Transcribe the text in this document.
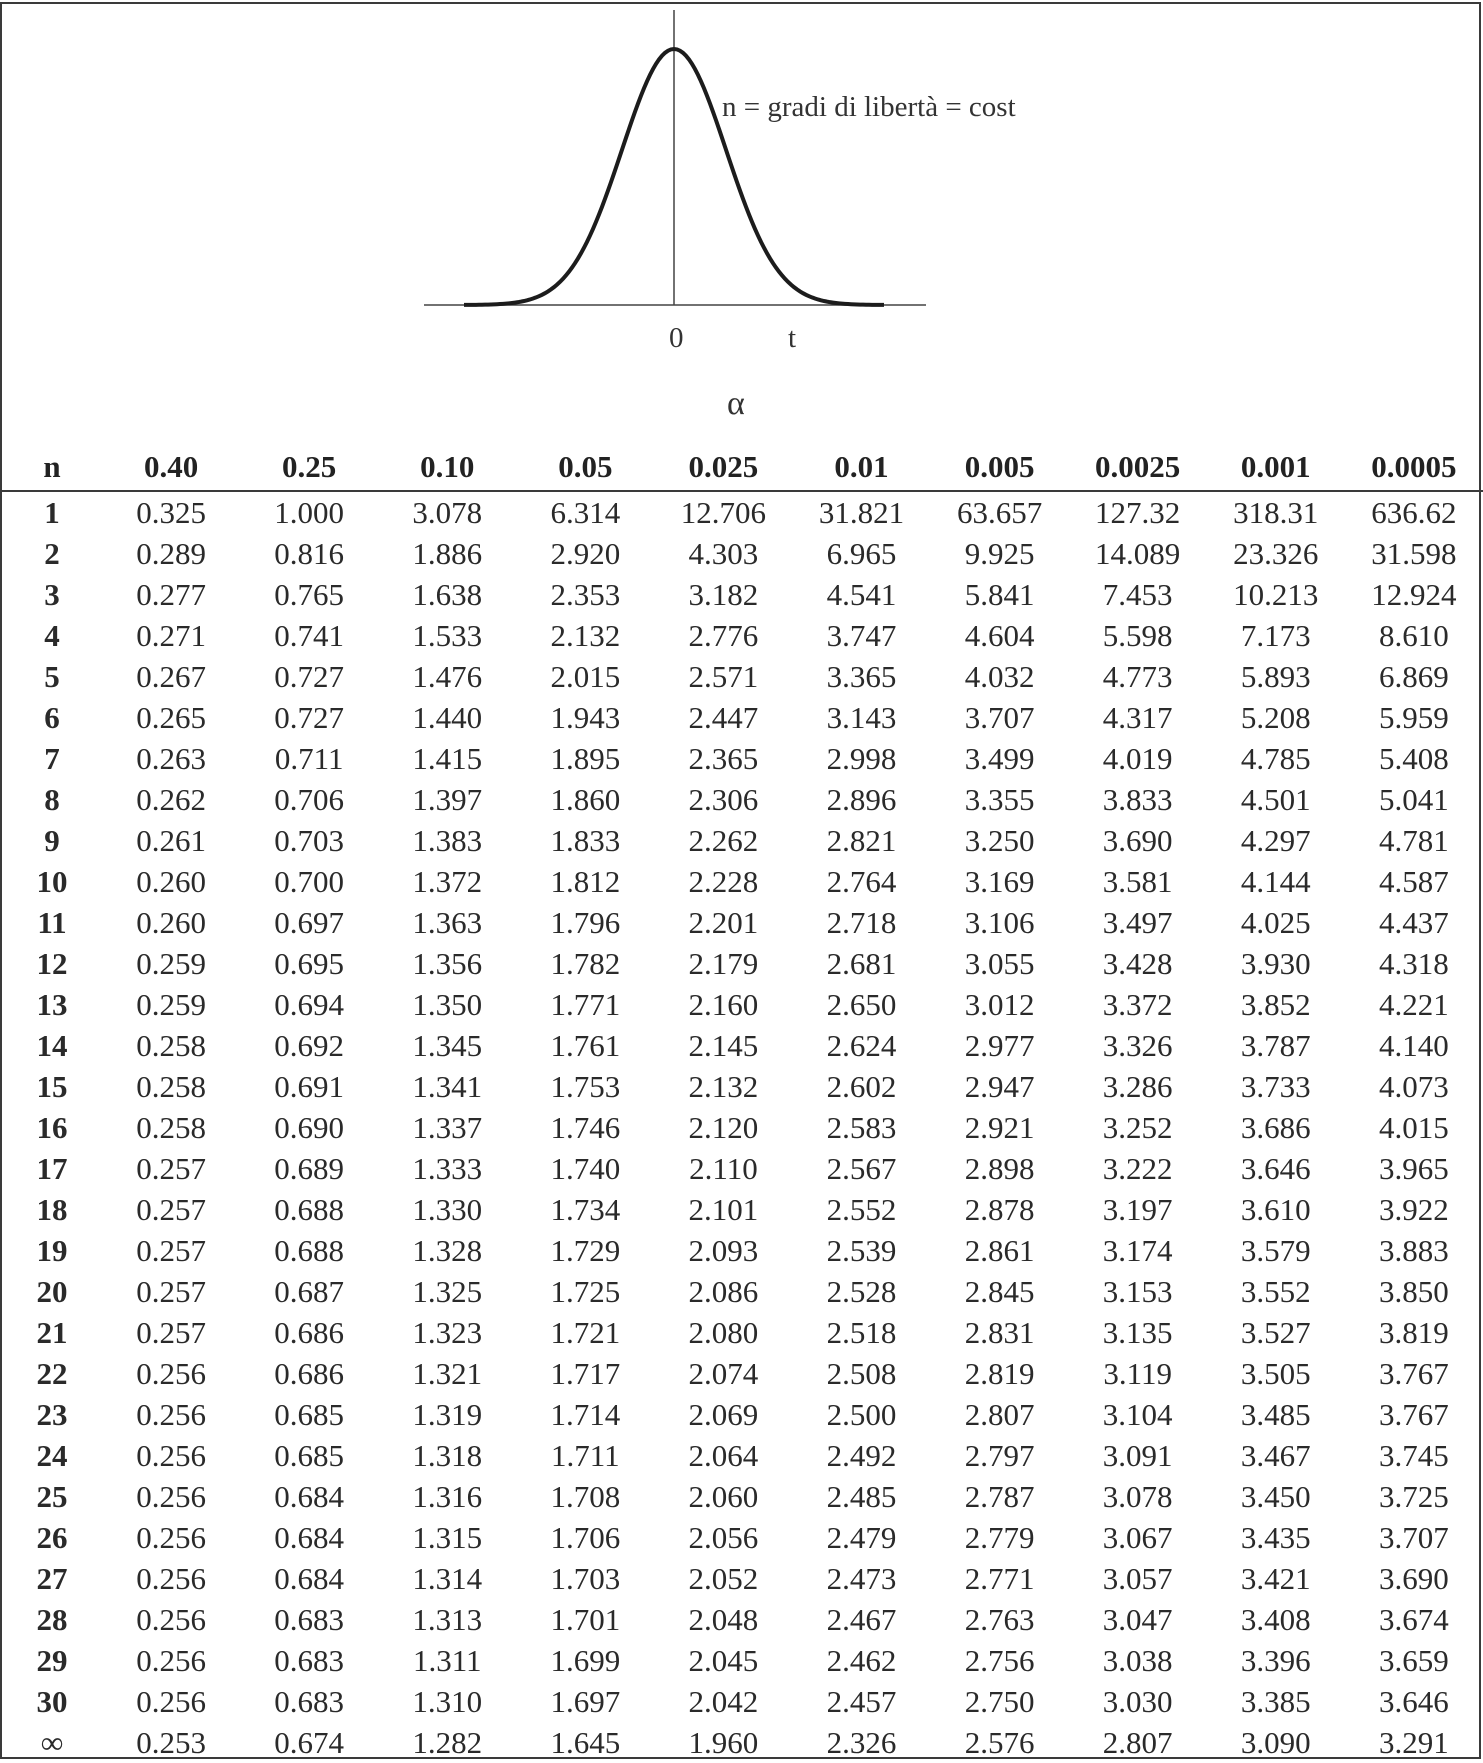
n = gradi di libertà = cost
0	t
α
n	0.40	0.25	0.10	0.05	0.025	0.01	0.005	0.0025	0.001	0.0005
1	0.325	1.000	3.078	6.314	12.706	31.821	63.657	127.32	318.31	636.62
2	0.289	0.816	1.886	2.920	4.303	6.965	9.925	14.089	23.326	31.598
3	0.277	0.765	1.638	2.353	3.182	4.541	5.841	7.453	10.213	12.924
4	0.271	0.741	1.533	2.132	2.776	3.747	4.604	5.598	7.173	8.610
5	0.267	0.727	1.476	2.015	2.571	3.365	4.032	4.773	5.893	6.869
6	0.265	0.727	1.440	1.943	2.447	3.143	3.707	4.317	5.208	5.959
7	0.263	0.711	1.415	1.895	2.365	2.998	3.499	4.019	4.785	5.408
8	0.262	0.706	1.397	1.860	2.306	2.896	3.355	3.833	4.501	5.041
9	0.261	0.703	1.383	1.833	2.262	2.821	3.250	3.690	4.297	4.781
10	0.260	0.700	1.372	1.812	2.228	2.764	3.169	3.581	4.144	4.587
11	0.260	0.697	1.363	1.796	2.201	2.718	3.106	3.497	4.025	4.437
12	0.259	0.695	1.356	1.782	2.179	2.681	3.055	3.428	3.930	4.318
13	0.259	0.694	1.350	1.771	2.160	2.650	3.012	3.372	3.852	4.221
14	0.258	0.692	1.345	1.761	2.145	2.624	2.977	3.326	3.787	4.140
15	0.258	0.691	1.341	1.753	2.132	2.602	2.947	3.286	3.733	4.073
16	0.258	0.690	1.337	1.746	2.120	2.583	2.921	3.252	3.686	4.015
17	0.257	0.689	1.333	1.740	2.110	2.567	2.898	3.222	3.646	3.965
18	0.257	0.688	1.330	1.734	2.101	2.552	2.878	3.197	3.610	3.922
19	0.257	0.688	1.328	1.729	2.093	2.539	2.861	3.174	3.579	3.883
20	0.257	0.687	1.325	1.725	2.086	2.528	2.845	3.153	3.552	3.850
21	0.257	0.686	1.323	1.721	2.080	2.518	2.831	3.135	3.527	3.819
22	0.256	0.686	1.321	1.717	2.074	2.508	2.819	3.119	3.505	3.767
23	0.256	0.685	1.319	1.714	2.069	2.500	2.807	3.104	3.485	3.767
24	0.256	0.685	1.318	1.711	2.064	2.492	2.797	3.091	3.467	3.745
25	0.256	0.684	1.316	1.708	2.060	2.485	2.787	3.078	3.450	3.725
26	0.256	0.684	1.315	1.706	2.056	2.479	2.779	3.067	3.435	3.707
27	0.256	0.684	1.314	1.703	2.052	2.473	2.771	3.057	3.421	3.690
28	0.256	0.683	1.313	1.701	2.048	2.467	2.763	3.047	3.408	3.674
29	0.256	0.683	1.311	1.699	2.045	2.462	2.756	3.038	3.396	3.659
30	0.256	0.683	1.310	1.697	2.042	2.457	2.750	3.030	3.385	3.646
∞	0.253	0.674	1.282	1.645	1.960	2.326	2.576	2.807	3.090	3.291
